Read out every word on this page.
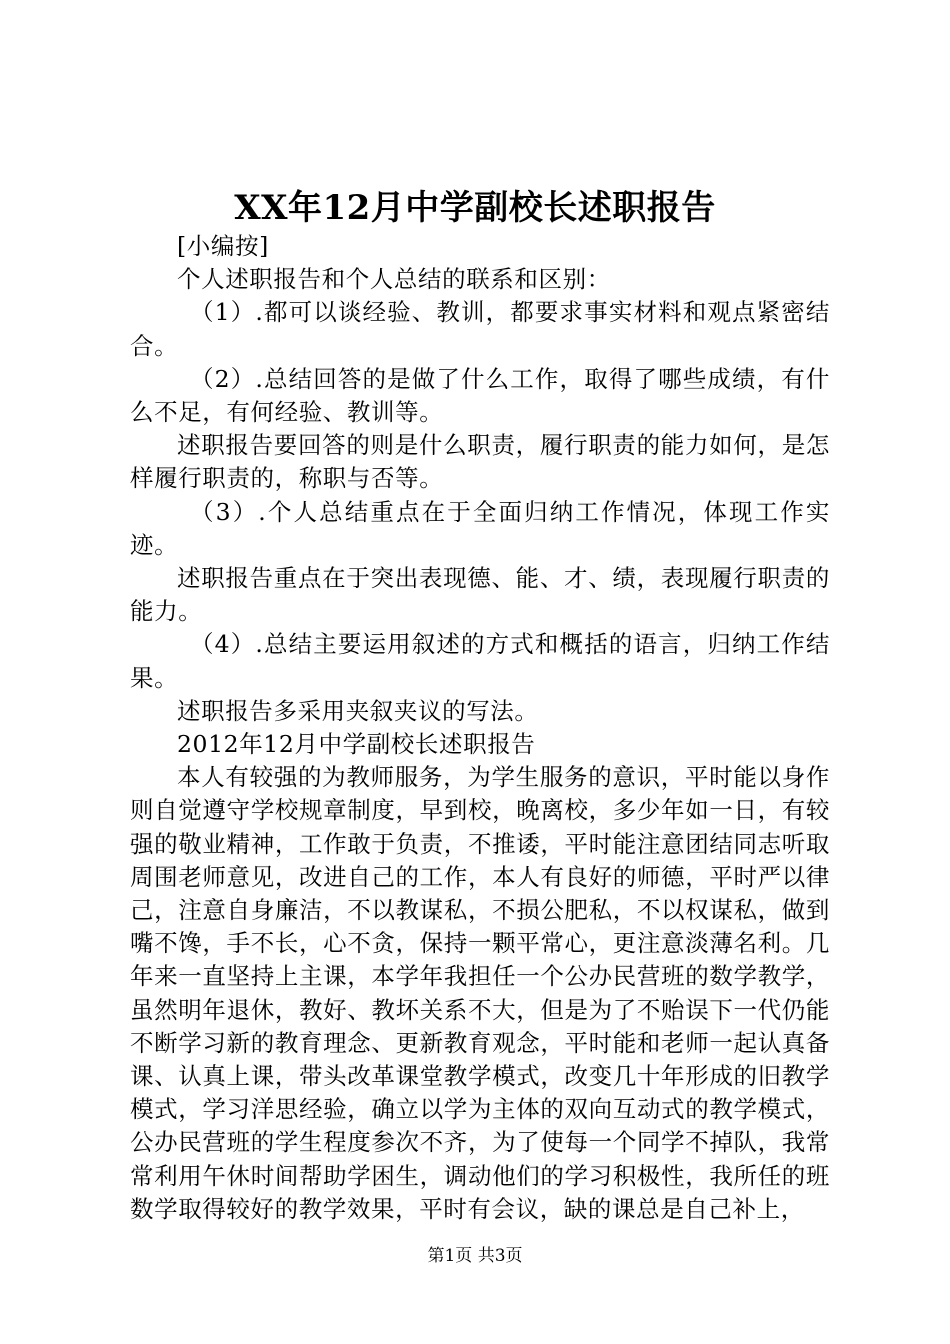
XX年12月中学副校长述职报告

[小编按]

个人述职报告和个人总结的联系和区别：

（1）.都可以谈经验、教训，都要求事实材料和观点紧密结合。

（2）.总结回答的是做了什么工作，取得了哪些成绩，有什么不足，有何经验、教训等。

述职报告要回答的则是什么职责，履行职责的能力如何，是怎样履行职责的，称职与否等。

（3）.个人总结重点在于全面归纳工作情况，体现工作实迹。

述职报告重点在于突出表现德、能、才、绩，表现履行职责的能力。

（4）.总结主要运用叙述的方式和概括的语言，归纳工作结果。

述职报告多采用夹叙夹议的写法。

2012年12月中学副校长述职报告

本人有较强的为教师服务，为学生服务的意识，平时能以身作则自觉遵守学校规章制度，早到校，晚离校，多少年如一日，有较强的敬业精神，工作敢于负责，不推诿，平时能注意团结同志听取周围老师意见，改进自己的工作，本人有良好的师德，平时严以律己，注意自身廉洁，不以教谋私，不损公肥私，不以权谋私，做到嘴不馋，手不长，心不贪，保持一颗平常心，更注意淡薄名利。几年来一直坚持上主课，本学年我担任一个公办民营班的数学教学，虽然明年退休，教好、教坏关系不大，但是为了不贻误下一代仍能不断学习新的教育理念、更新教育观念，平时能和老师一起认真备课、认真上课，带头改革课堂教学模式，改变几十年形成的旧教学模式，学习洋思经验，确立以学为主体的双向互动式的教学模式，公办民营班的学生程度参次不齐，为了使每一个同学不掉队，我常常利用午休时间帮助学困生，调动他们的学习积极性，我所任的班数学取得较好的教学效果，平时有会议，缺的课总是自己补上，

第1页 共3页
